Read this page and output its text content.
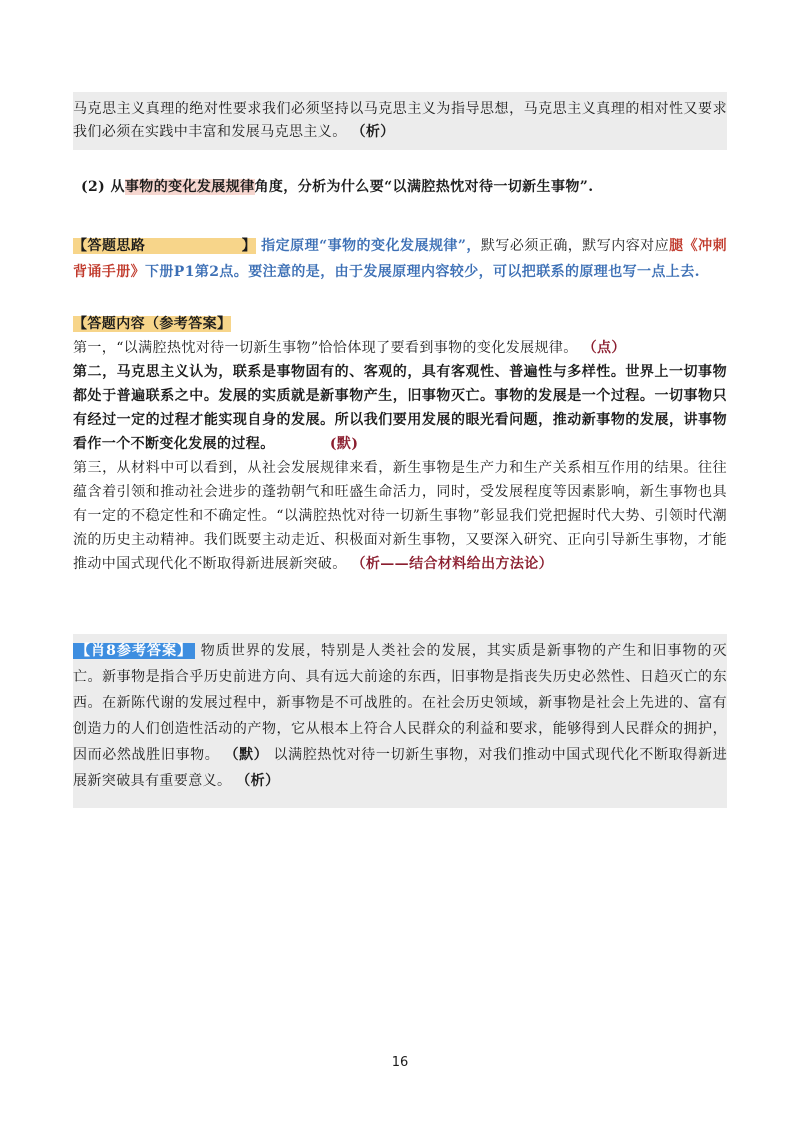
马克思主义真理的绝对性要求我们必须坚持以马克思主义为指导思想，马克思主义真理的相对性又要求我们必须在实践中丰富和发展马克思主义。 （析）

(2) 从事物的变化发展规律角度，分析为什么要“以满腔热忱对待一切新生事物”.

【答题思路                  】 指定原理“事物的变化发展规律”，默写必须正确，默写内容对应腿《冲刺背诵手册》下册P1第2点。要注意的是，由于发展原理内容较少，可以把联系的原理也写一点上去.

【答题内容（参考答案】

第一，“以满腔热忱对待一切新生事物”恰恰体现了要看到事物的变化发展规律。 （点）

第二，马克思主义认为，联系是事物固有的、客观的，具有客观性、普遍性与多样性。世界上一切事物都处于普遍联系之中。发展的实质就是新事物产生，旧事物灭亡。事物的发展是一个过程。一切事物只有经过一定的过程才能实现自身的发展。所以我们要用发展的眼光看问题，推动新事物的发展，讲事物看作一个不断变化发展的过程。	(默)

第三，从材料中可以看到，从社会发展规律来看，新生事物是生产力和生产关系相互作用的结果。往往蕴含着引领和推动社会进步的蓬勃朝气和旺盛生命活力，同时，受发展程度等因素影响，新生事物也具有一定的不稳定性和不确定性。“以满腔热忱对待一切新生事物”彰显我们党把握时代大势、引领时代潮流的历史主动精神。我们既要主动走近、积极面对新生事物，又要深入研究、正向引导新生事物，才能推动中国式现代化不断取得新进展新突破。 （析——结合材料给出方法论）

【肖8参考答案】 物质世界的发展，特别是人类社会的发展，其实质是新事物的产生和旧事物的灭亡。新事物是指合乎历史前进方向、具有远大前途的东西，旧事物是指丧失历史必然性、日趋灭亡的东西。在新陈代谢的发展过程中，新事物是不可战胜的。在社会历史领域，新事物是社会上先进的、富有创造力的人们创造性活动的产物，它从根本上符合人民群众的利益和要求，能够得到人民群众的拥护，因而必然战胜旧事物。 （默） 以满腔热忱对待一切新生事物，对我们推动中国式现代化不断取得新进展新突破具有重要意义。 （析）

16
